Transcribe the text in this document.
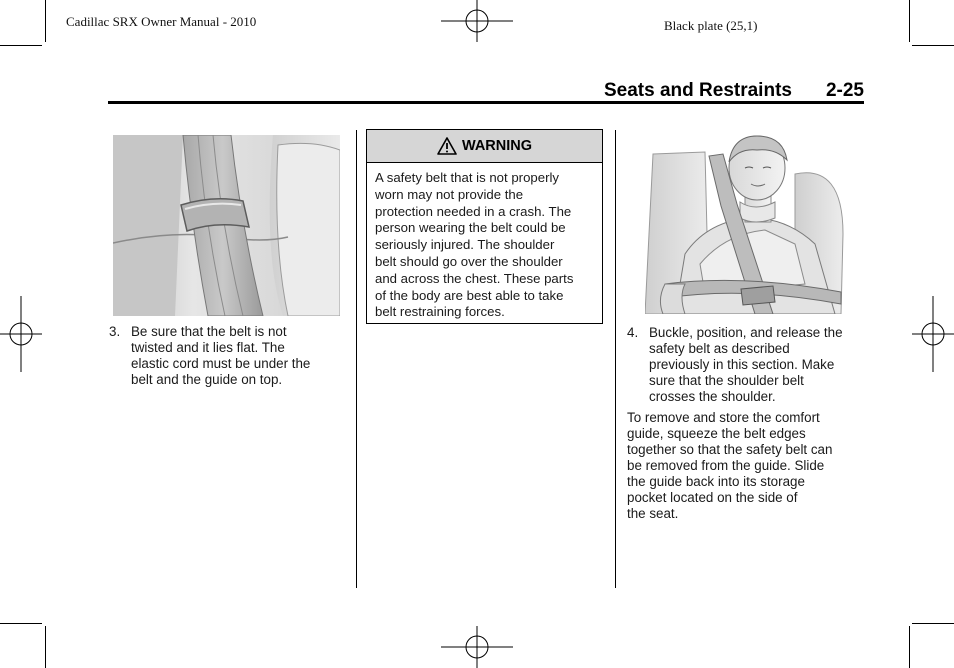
Cadillac SRX Owner Manual - 2010	Black plate (25,1)
Seats and Restraints 2-25
3. Be sure that the belt is not
twisted and it lies flat. The
elastic cord must be under the
belt and the guide on top.
WARNING
A safety belt that is not properly
worn may not provide the
protection needed in a crash. The
person wearing the belt could be
seriously injured. The shoulder
belt should go over the shoulder
and across the chest. These parts
of the body are best able to take
belt restraining forces.
4. Buckle, position, and release the
safety belt as described
previously in this section. Make
sure that the shoulder belt
crosses the shoulder.
To remove and store the comfort
guide, squeeze the belt edges
together so that the safety belt can
be removed from the guide. Slide
the guide back into its storage
pocket located on the side of
the seat.
